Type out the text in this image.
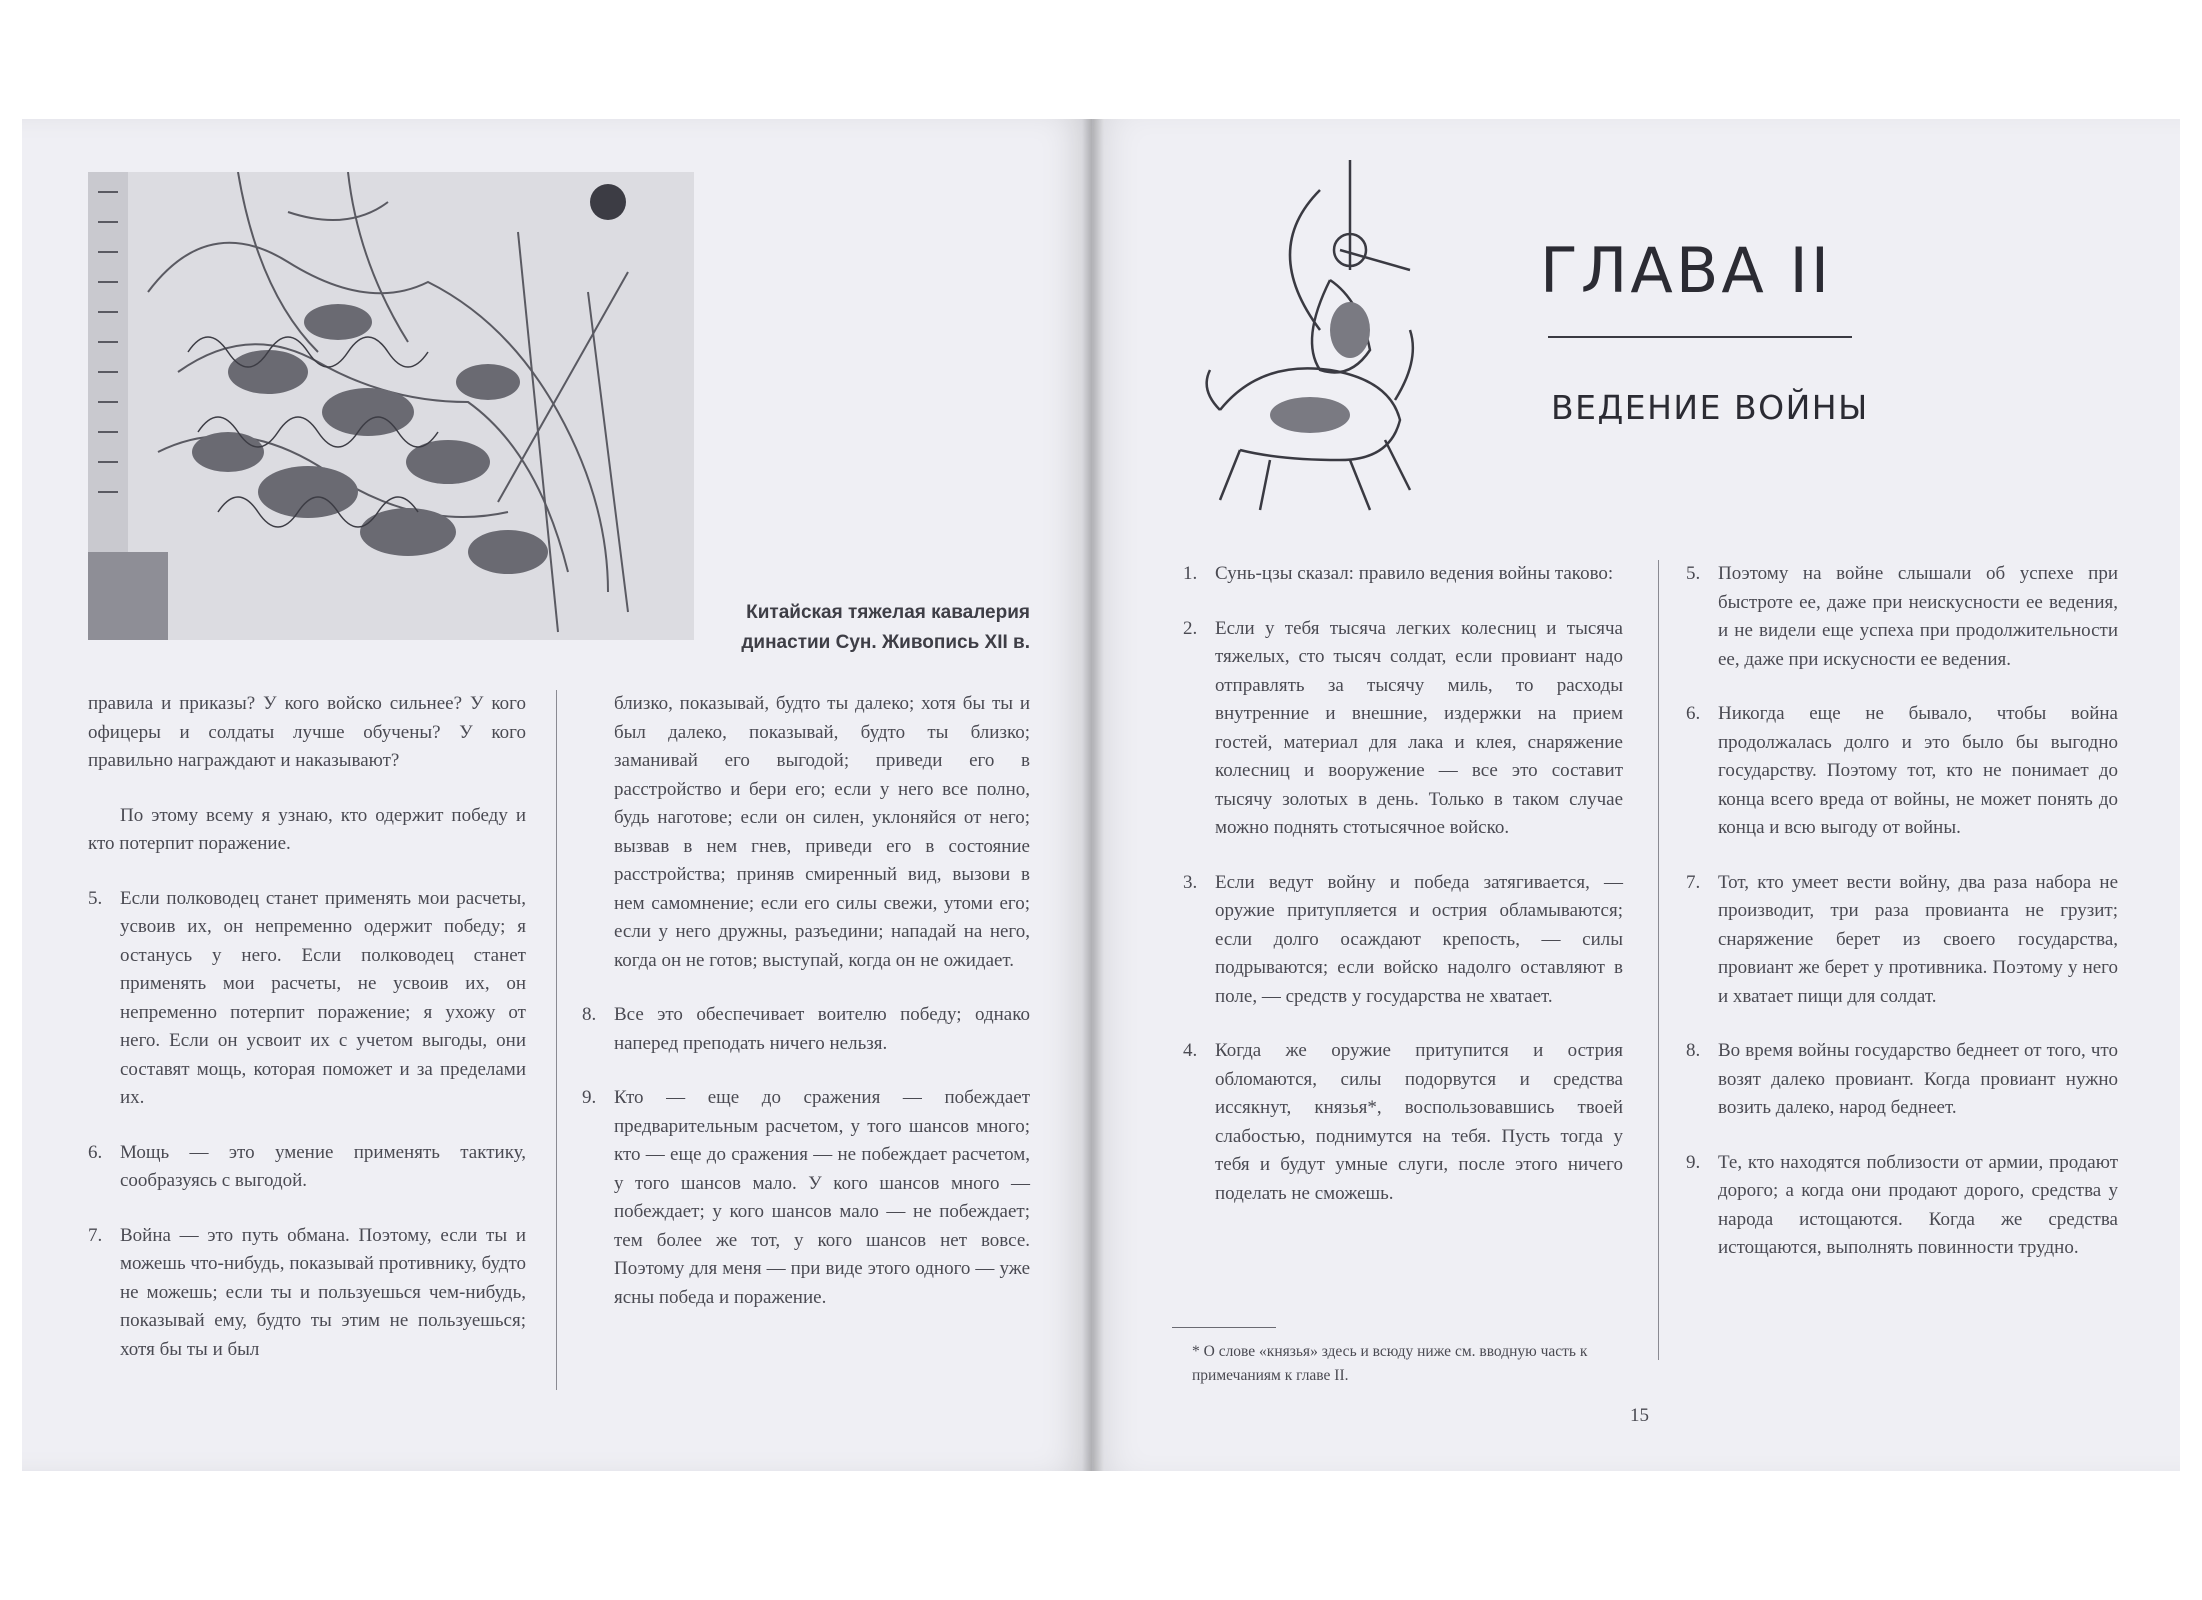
Китайская тяжелая кавалерия династии Сун. Живопись XII в.

правила и приказы? У кого войско сильнее? У кого офицеры и солдаты лучше обучены? У кого правильно награждают и наказывают?

По этому всему я узнаю, кто одержит победу и кто потерпит поражение.

5. Если полководец станет применять мои расчеты, усвоив их, он непременно одержит победу; я останусь у него. Если полководец станет применять мои расчеты, не усвоив их, он непременно потерпит поражение; я ухожу от него. Если он усвоит их с учетом выгоды, они составят мощь, которая поможет и за пределами их.
6. Мощь — это умение применять тактику, сообразуясь с выгодой.
7. Война — это путь обмана. Поэтому, если ты и можешь что-нибудь, показывай противнику, будто не можешь; если ты и пользуешься чем-нибудь, показывай ему, будто ты этим не пользуешься; хотя бы ты и был

близко, показывай, будто ты далеко; хотя бы ты и был далеко, показывай, будто ты близко; заманивай его выгодой; приведи его в расстройство и бери его; если у него все полно, будь наготове; если он силен, уклоняйся от него; вызвав в нем гнев, приведи его в состояние расстройства; приняв смиренный вид, вызови в нем самомнение; если его силы свежи, утоми его; если у него дружны, разъедини; нападай на него, когда он не готов; выступай, когда он не ожидает.

8. Все это обеспечивает воителю победу; однако наперед преподать ничего нельзя.
9. Кто — еще до сражения — побеждает предварительным расчетом, у того шансов много; кто — еще до сражения — не побеждает расчетом, у того шансов мало. У кого шансов много — побеждает; у кого шансов мало — не побеждает; тем более же тот, у кого шансов нет вовсе. Поэтому для меня — при виде этого одного — уже ясны победа и поражение.
ГЛАВА II
ВЕДЕНИЕ ВОЙНЫ
1. Сунь-цзы сказал: правило ведения войны таково:
2. Если у тебя тысяча легких колесниц и тысяча тяжелых, сто тысяч солдат, если провиант надо отправлять за тысячу миль, то расходы внутренние и внешние, издержки на прием гостей, материал для лака и клея, снаряжение колесниц и вооружение — все это составит тысячу золотых в день. Только в таком случае можно поднять стотысячное войско.
3. Если ведут войну и победа затягивается, — оружие притупляется и острия обламываются; если долго осаждают крепость, — силы подрываются; если войско надолго оставляют в поле, — средств у государства не хватает.
4. Когда же оружие притупится и острия обломаются, силы подорвутся и средства иссякнут, князья*, воспользовавшись твоей слабостью, поднимутся на тебя. Пусть тогда у тебя и будут умные слуги, после этого ничего поделать не сможешь.
5. Поэтому на войне слышали об успехе при быстроте ее, даже при неискусности ее ведения, и не видели еще успеха при продолжительности ее, даже при искусности ее ведения.
6. Никогда еще не бывало, чтобы война продолжалась долго и это было бы выгодно государству. Поэтому тот, кто не понимает до конца всего вреда от войны, не может понять до конца и всю выгоду от войны.
7. Тот, кто умеет вести войну, два раза набора не производит, три раза провианта не грузит; снаряжение берет из своего государства, провиант же берет у противника. Поэтому у него и хватает пищи для солдат.
8. Во время войны государство беднеет от того, что возят далеко провиант. Когда провиант нужно возить далеко, народ беднеет.
9. Те, кто находятся поблизости от армии, продают дорого; а когда они продают дорого, средства у народа истощаются. Когда же средства истощаются, выполнять повинности трудно.
* О слове «князья» здесь и всюду ниже см. вводную часть к примечаниям к главе II.
15
